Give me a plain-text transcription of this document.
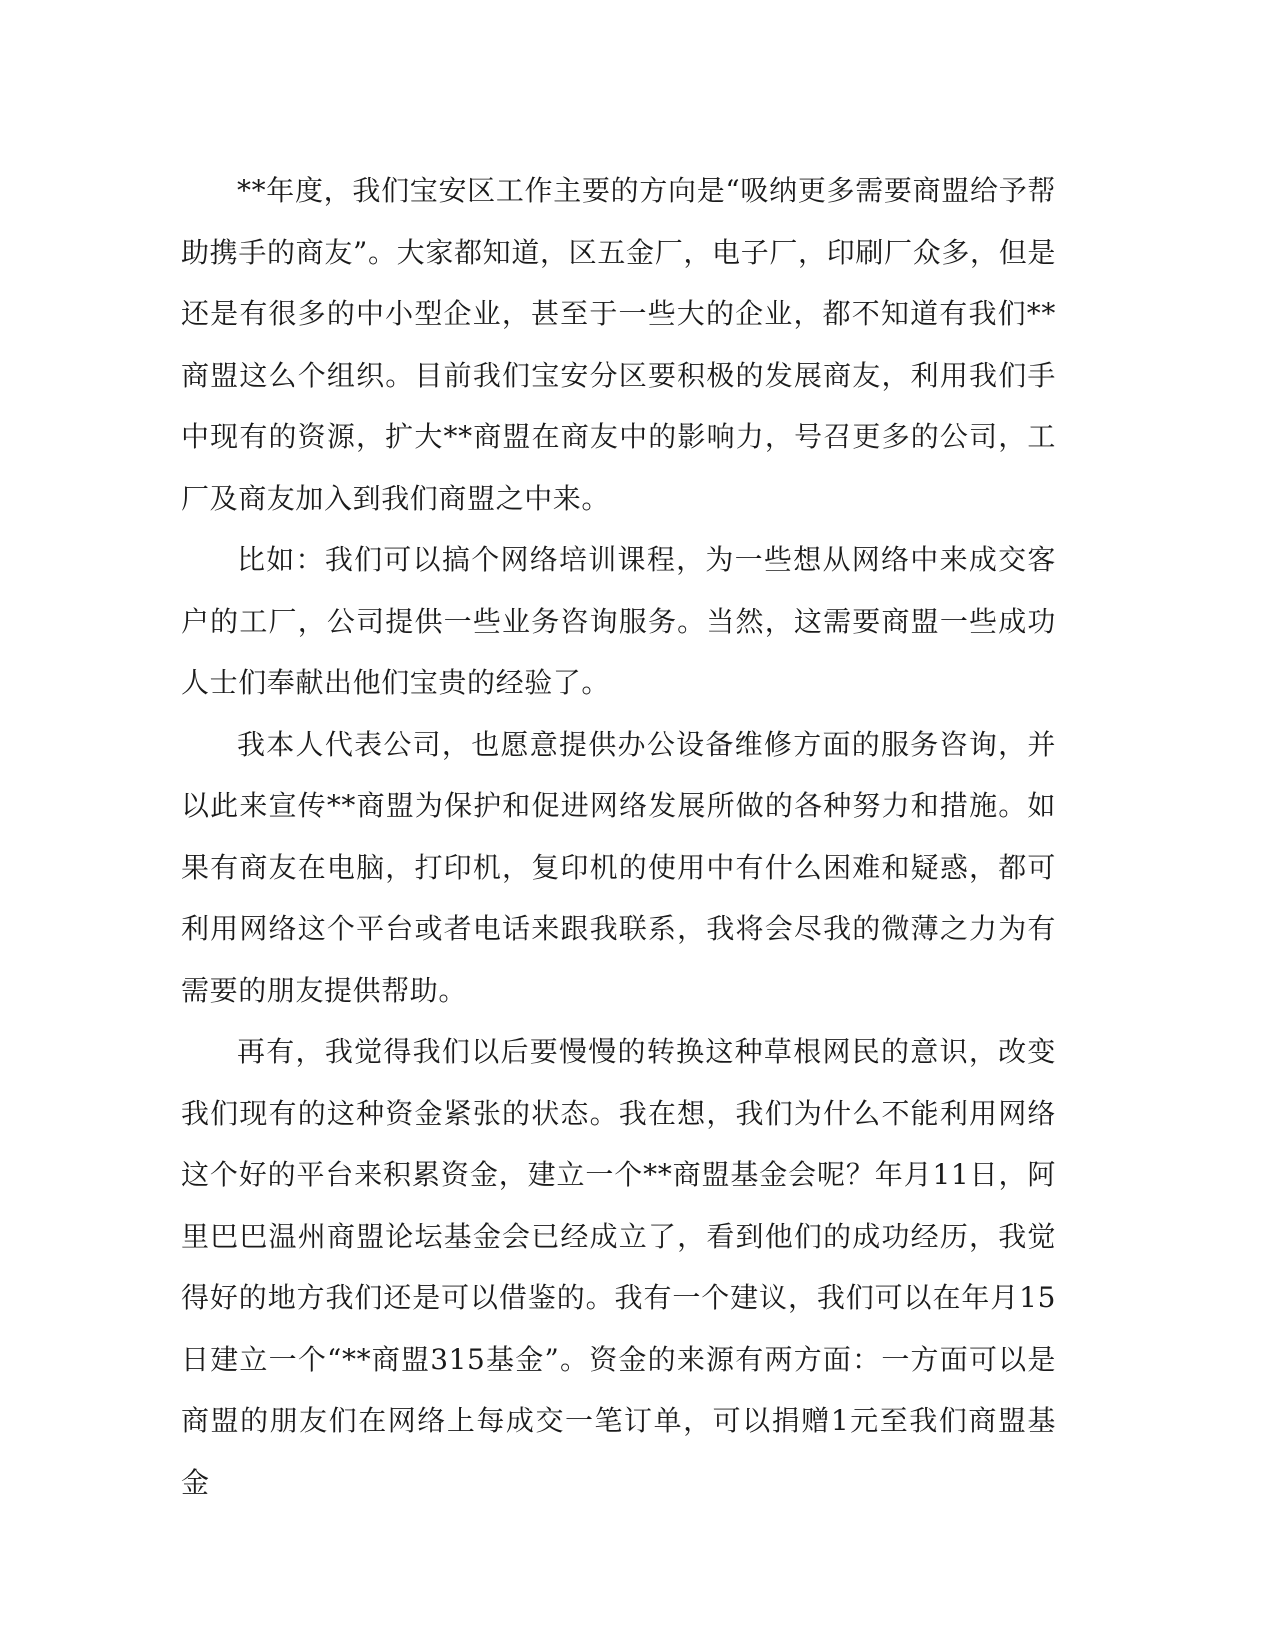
**年度，我们宝安区工作主要的方向是“吸纳更多需要商盟给予帮助携手的商友”。大家都知道，区五金厂，电子厂，印刷厂众多，但是还是有很多的中小型企业，甚至于一些大的企业，都不知道有我们**商盟这么个组织。目前我们宝安分区要积极的发展商友，利用我们手中现有的资源，扩大**商盟在商友中的影响力，号召更多的公司，工厂及商友加入到我们商盟之中来。

比如：我们可以搞个网络培训课程，为一些想从网络中来成交客户的工厂，公司提供一些业务咨询服务。当然，这需要商盟一些成功人士们奉献出他们宝贵的经验了。

我本人代表公司，也愿意提供办公设备维修方面的服务咨询，并以此来宣传**商盟为保护和促进网络发展所做的各种努力和措施。如果有商友在电脑，打印机，复印机的使用中有什么困难和疑惑，都可利用网络这个平台或者电话来跟我联系，我将会尽我的微薄之力为有需要的朋友提供帮助。

再有，我觉得我们以后要慢慢的转换这种草根网民的意识，改变我们现有的这种资金紧张的状态。我在想，我们为什么不能利用网络这个好的平台来积累资金，建立一个**商盟基金会呢？年月11日，阿里巴巴温州商盟论坛基金会已经成立了，看到他们的成功经历，我觉得好的地方我们还是可以借鉴的。我有一个建议，我们可以在年月15日建立一个“**商盟315基金”。资金的来源有两方面：一方面可以是商盟的朋友们在网络上每成交一笔订单，可以捐赠1元至我们商盟基金
